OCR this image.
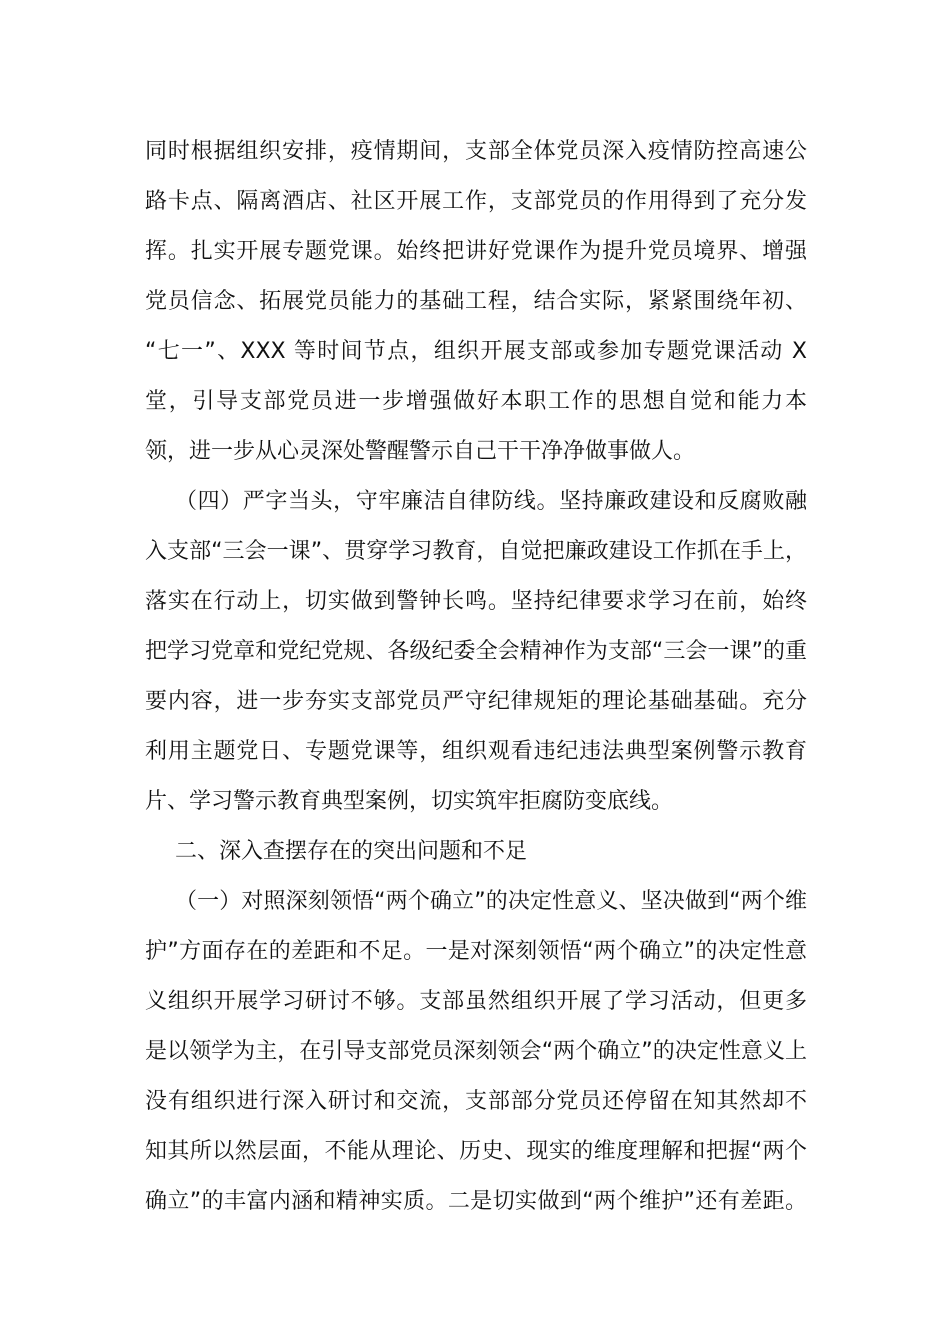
同时根据组织安排，疫情期间，支部全体党员深入疫情防控高速公
路卡点、隔离酒店、社区开展工作，支部党员的作用得到了充分发
挥。扎实开展专题党课。始终把讲好党课作为提升党员境界、增强
党员信念、拓展党员能力的基础工程，结合实际，紧紧围绕年初、
“七一”、XXX 等时间节点，组织开展支部或参加专题党课活动 X
堂，引导支部党员进一步增强做好本职工作的思想自觉和能力本
领，进一步从心灵深处警醒警示自己干干净净做事做人。
（四）严字当头，守牢廉洁自律防线。坚持廉政建设和反腐败融
入支部“三会一课”、贯穿学习教育，自觉把廉政建设工作抓在手上，
落实在行动上，切实做到警钟长鸣。坚持纪律要求学习在前，始终
把学习党章和党纪党规、各级纪委全会精神作为支部“三会一课”的重
要内容，进一步夯实支部党员严守纪律规矩的理论基础基础。充分
利用主题党日、专题党课等，组织观看违纪违法典型案例警示教育
片、学习警示教育典型案例，切实筑牢拒腐防变底线。
二、深入查摆存在的突出问题和不足
（一）对照深刻领悟“两个确立”的决定性意义、坚决做到“两个维
护”方面存在的差距和不足。一是对深刻领悟“两个确立”的决定性意
义组织开展学习研讨不够。支部虽然组织开展了学习活动，但更多
是以领学为主，在引导支部党员深刻领会“两个确立”的决定性意义上
没有组织进行深入研讨和交流，支部部分党员还停留在知其然却不
知其所以然层面，不能从理论、历史、现实的维度理解和把握“两个
确立”的丰富内涵和精神实质。二是切实做到“两个维护”还有差距。
